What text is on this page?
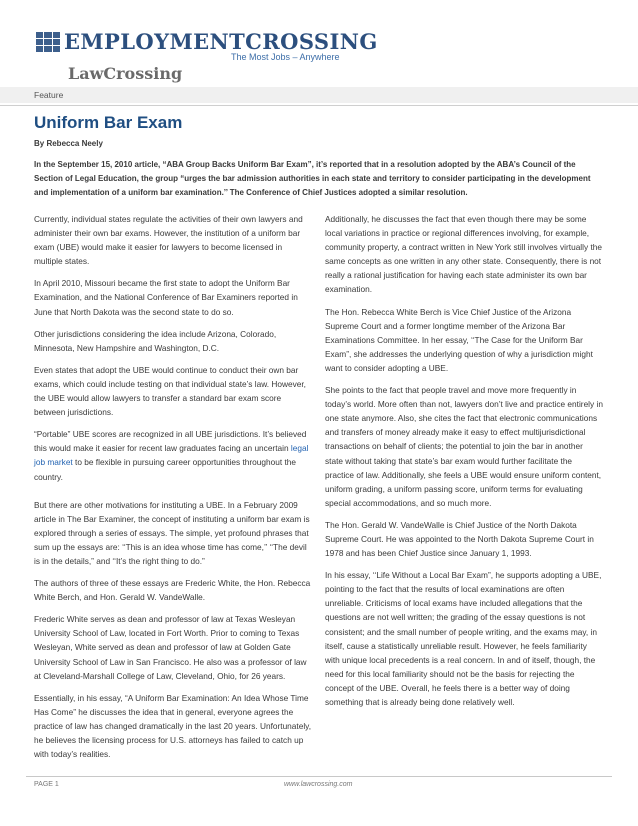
EMPLOYMENTCROSSING
The Most Jobs – Anywhere
LawCrossing
Feature
Uniform Bar Exam
By Rebecca Neely
In the September 15, 2010 article, “ABA Group Backs Uniform Bar Exam”, it’s reported that in a resolution adopted by the ABA’s Council of the Section of Legal Education, the group “urges the bar admission authorities in each state and territory to consider participating in the development and implementation of a uniform bar examination.’’ The Conference of Chief Justices adopted a similar resolution.

Currently, individual states regulate the activities of their own lawyers and administer their own bar exams. However, the institution of a uniform bar exam (UBE) would make it easier for lawyers to become licensed in multiple states.

In April 2010, Missouri became the first state to adopt the Uniform Bar Examination, and the National Conference of Bar Examiners reported in June that North Dakota was the second state to do so.

Other jurisdictions considering the idea include Arizona, Colorado, Minnesota, New Hampshire and Washington, D.C.

Even states that adopt the UBE would continue to conduct their own bar exams, which could include testing on that individual state’s law. However, the UBE would allow lawyers to transfer a standard bar exam score between jurisdictions.

“Portable” UBE scores are recognized in all UBE jurisdictions. It’s believed this would make it easier for recent law graduates facing an uncertain legal job market to be flexible in pursuing career opportunities throughout the country.

But there are other motivations for instituting a UBE. In a February 2009 article in The Bar Examiner, the concept of instituting a uniform bar exam is explored through a series of essays. The simple, yet profound phrases that sum up the essays are: ‘‘This is an idea whose time has come,’’ ‘‘The devil is in the details,” and ‘‘It’s the right thing to do.”

The authors of three of these essays are Frederic White, the Hon. Rebecca White Berch, and Hon. Gerald W. VandeWalle.

Frederic White serves as dean and professor of law at Texas Wesleyan University School of Law, located in Fort Worth. Prior to coming to Texas Wesleyan, White served as dean and professor of law at Golden Gate University School of Law in San Francisco. He also was a professor of law at Cleveland-Marshall College of Law, Cleveland, Ohio, for 26 years.

Essentially, in his essay, “A Uniform Bar Examination: An Idea Whose Time Has Come” he discusses the idea that in general, everyone agrees the practice of law has changed dramatically in the last 20 years. Unfortunately, he believes the licensing process for U.S. attorneys has failed to catch up with today’s realities.

Additionally, he discusses the fact that even though there may be some local variations in practice or regional differences involving, for example, community property, a contract written in New York still involves virtually the same concepts as one written in any other state. Consequently, there is not really a rational justification for having each state administer its own bar examination.

The Hon. Rebecca White Berch is Vice Chief Justice of the Arizona Supreme Court and a former longtime member of the Arizona Bar Examinations Committee. In her essay, ‘‘The Case for the Uniform Bar Exam”, she addresses the underlying question of why a jurisdiction might want to consider adopting a UBE.

She points to the fact that people travel and move more frequently in today’s world. More often than not, lawyers don’t live and practice entirely in one state anymore. Also, she cites the fact that electronic communications and transfers of money already make it easy to effect multijurisdictional transactions on behalf of clients; the potential to join the bar in another state without taking that state’s bar exam would further facilitate the practice of law. Additionally, she feels a UBE would ensure uniform content, uniform grading, a uniform passing score, uniform terms for evaluating special accommodations, and so much more.

The Hon. Gerald W. VandeWalle is Chief Justice of the North Dakota Supreme Court. He was appointed to the North Dakota Supreme Court in 1978 and has been Chief Justice since January 1, 1993.

In his essay, ‘‘Life Without a Local Bar Exam”, he supports adopting a UBE, pointing to the fact that the results of local examinations are often unreliable. Criticisms of local exams have included allegations that the questions are not well written; the grading of the essay questions is not consistent; and the small number of people writing, and the exams may, in itself, cause a statistically unreliable result. However, he feels familiarity with unique local precedents is a real concern. In and of itself, though, the need for this local familiarity should not be the basis for rejecting the concept of the UBE. Overall, he feels there is a better way of doing something that is already being done relatively well.

PAGE 1	www.lawcrossing.com
